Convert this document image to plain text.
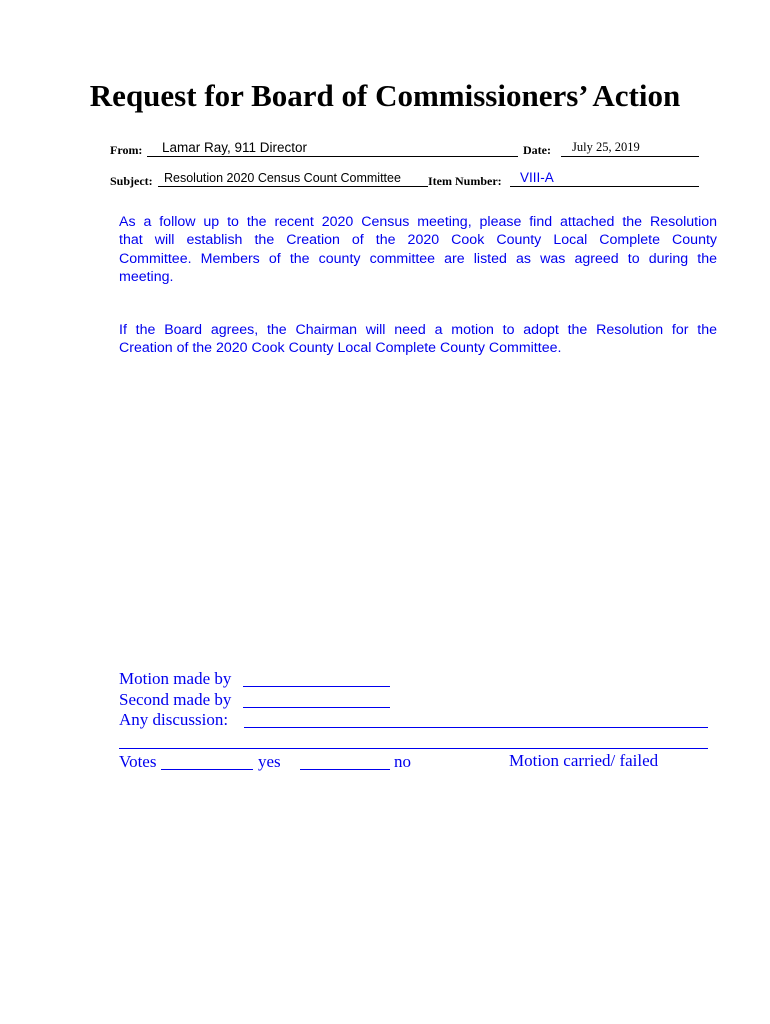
Request for Board of Commissioners’ Action
From: Lamar Ray, 911 Director	Date: July 25, 2019
Subject: Resolution 2020 Census Count Committee Item Number: VIII-A
As a follow up to the recent 2020 Census meeting, please find attached the Resolution
that will establish the Creation of the 2020 Cook County Local Complete County
Committee. Members of the county committee are listed as was agreed to during the
meeting.
If the Board agrees, the Chairman will need a motion to adopt the Resolution for the
Creation of the 2020 Cook County Local Complete County Committee.
Motion made by
Second made by
Any discussion:
Votes	yes	no	Motion carried/ failed
